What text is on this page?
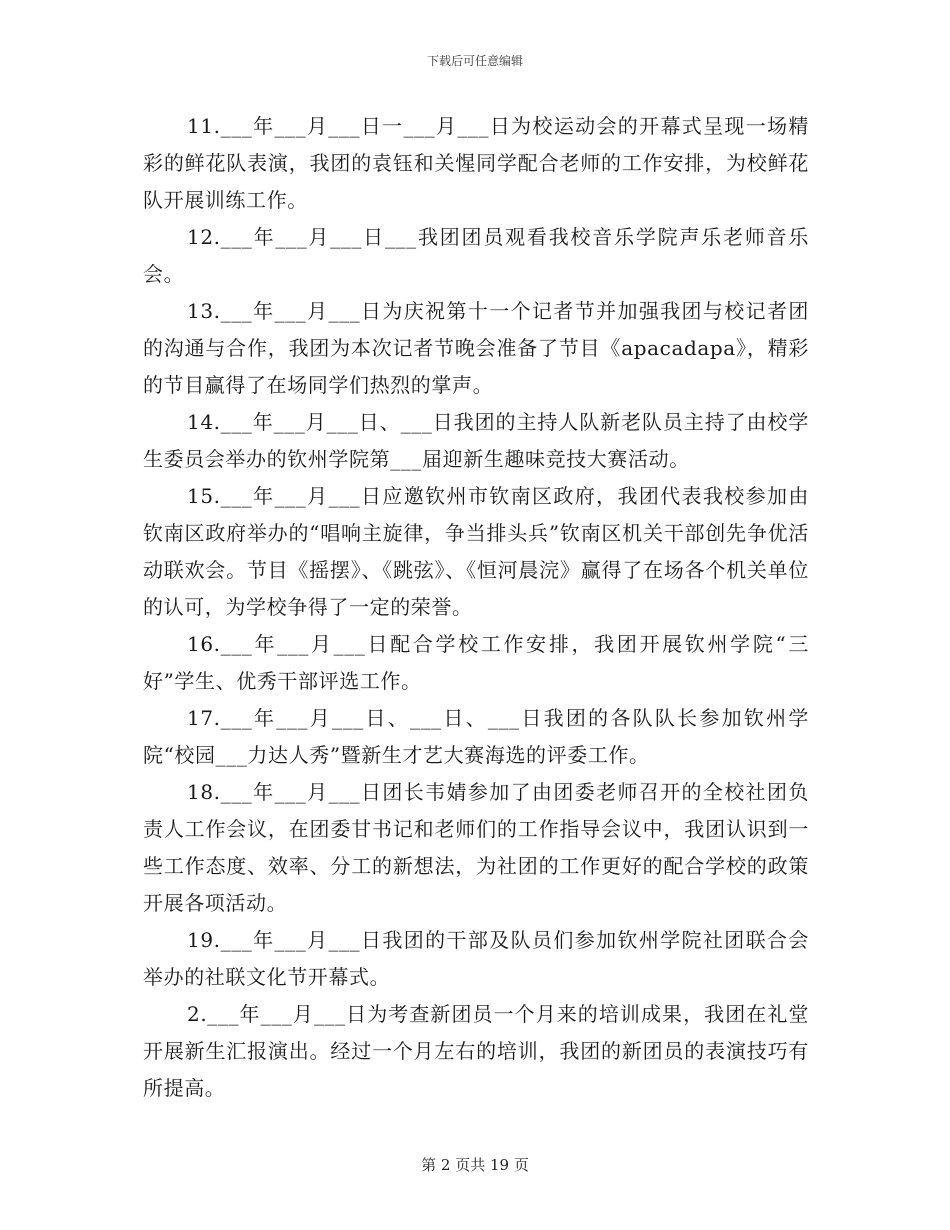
下载后可任意编辑

11.___年___月___日一___月___日为校运动会的开幕式呈现一场精彩的鲜花队表演，我团的袁钰和关惺同学配合老师的工作安排，为校鲜花队开展训练工作。

12.___年___月___日___我团团员观看我校音乐学院声乐老师音乐会。

13.___年___月___日为庆祝第十一个记者节并加强我团与校记者团的沟通与合作，我团为本次记者节晚会准备了节目《apacadapa》，精彩的节目赢得了在场同学们热烈的掌声。

14.___年___月___日、___日我团的主持人队新老队员主持了由校学生委员会举办的钦州学院第___届迎新生趣味竞技大赛活动。

15.___年___月___日应邀钦州市钦南区政府，我团代表我校参加由钦南区政府举办的“唱响主旋律，争当排头兵”钦南区机关干部创先争优活动联欢会。节目《摇摆》、《跳弦》、《恒河晨浣》赢得了在场各个机关单位的认可，为学校争得了一定的荣誉。

16.___年___月___日配合学校工作安排，我团开展钦州学院“三好”学生、优秀干部评选工作。

17.___年___月___日、___日、___日我团的各队队长参加钦州学院“校园___力达人秀”暨新生才艺大赛海选的评委工作。

18.___年___月___日团长韦婧参加了由团委老师召开的全校社团负责人工作会议，在团委甘书记和老师们的工作指导会议中，我团认识到一些工作态度、效率、分工的新想法，为社团的工作更好的配合学校的政策开展各项活动。

19.___年___月___日我团的干部及队员们参加钦州学院社团联合会举办的社联文化节开幕式。

2.___年___月___日为考查新团员一个月来的培训成果，我团在礼堂开展新生汇报演出。经过一个月左右的培训，我团的新团员的表演技巧有所提高。

第 2 页共 19 页
